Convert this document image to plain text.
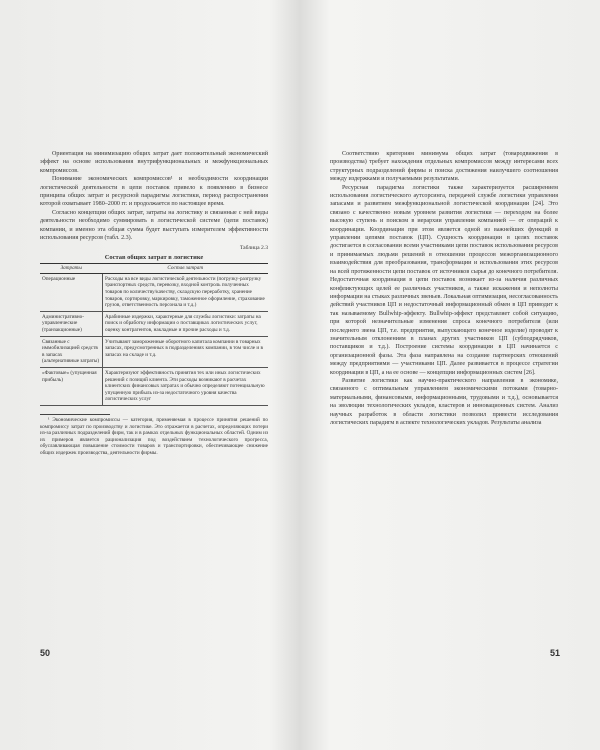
Ориентация на минимизацию общих затрат дает положительный экономический эффект на основе использования внутрифункциональных и межфункциональных компромиссов.

Понимание экономических компромиссов¹ и необходимости координации логистической деятельности в цепи поставок привело к появлению в бизнесе принципа общих затрат и ресурсной парадигмы логистики, период распространения которой охватывает 1980–2000 гг. и продолжается по настоящее время.

Согласно концепции общих затрат, затраты на логистику и связанные с ней виды деятельности необходимо суммировать в логистической системе (цепи поставок) компании, и именно эта общая сумма будет выступать измерителем эффективности использования ресурсов (табл. 2.3).

Таблица 2.3
Состав общих затрат в логистике
Затраты	Состав затрат
Операционные	Расходы на все виды логистической деятельности (погрузку-разгрузку транспортных средств, перевозку, входной контроль полученных товаров по количеству/качеству, складскую переработку, хранение товаров, сортировку, маркировку, таможенное оформление, страхование грузов, ответственность персонала и т.д.)
Административно-управленческие (транзакционные)	Арабинные издержки, характерные для службы логистики: затраты на поиск и обработку информации о поставщиках логистических услуг, оценку контрагентов, накладные и прочие расходы и т.д.
Связанные с иммобилизацией средств в запасах (альтернативные затраты)	Учитывают замороженные оборотного капитала компании в товарных запасах, предусмотренных в подразделениях компании, в том числе и в запасах на складе и т.д.
«Фактовые» (упущенная прибыль)	Характеризуют эффективность принятия тех или иных логистических решений с позиций клиента. Эти расходы возникают в расчетах клиентских финансовых затратах и обычно определяют потенциальную упущенную прибыль из-за недостаточного уровня качества логистических услуг

¹ Экономические компромиссы — категория, применяемая в процессе принятия решений по компромиссу затрат по производству и логистике. Это отражается в расчетах, определяющих потери из-за различных подразделений фирм, так и в рамках отдельных функциональных областей. Одним из их примеров является рационализация под воздействием технологического прогресса, обуславливающая повышение стоимости товаров и транспортировки, обеспечивающее снижение общих издержек производства, деятельности фирмы.

50

Соответствию критериям минимума общих затрат (товародвижения в производства) требует нахождения отдельных компромиссов между интересами всех структурных подразделений фирмы и поиска достижения наилучшего соотношения между издержками и получаемыми результатами.

Ресурсная парадигма логистики также характеризуется расширением использования логистического аутсорсинга, передачей службе логистики управления запасами и развитием межфункциональной логистической координации [24]. Это связано с качественно новым уровнем развития логистики — переходом на более высокую ступень и поиском в иерархии управления компанией — от операций к координации. Координация при этом является одной из важнейших функций в управлении цепями поставок (ЦП). Сущность координации в целях поставок достигается в согласовании всеми участниками цепи поставок использования ресурсов и принимаемых людьми решений в отношении процессов межорганизационного взаимодействия для преобразования, трансформации и использования этих ресурсов на всей протяженности цепи поставок от источников сырья до конечного потребителя. Недостаточная координация в цепи поставок возникает из-за наличия различных конфликтующих целей ее различных участников, а также искажения и неполноты информации на стыках различных звеньев. Локальная оптимизация, несогласованность действий участников ЦП и недостаточный информационный обмен в ЦП приводит к так называемому Bullwhip-эффекту. Bullwhip-эффект представляет собой ситуацию, при которой незначительные изменения спроса конечного потребителя (или последнего звена ЦП, т.е. предприятия, выпускающего конечное изделие) проводят к значительным отклонениям в планах других участников ЦП (субподрядчиков, поставщиков и т.д.). Построение системы координации в ЦП начинается с организационной фазы. Эта фаза направлена на создание партнерских отношений между предприятиями — участниками ЦП. Далее развивается в процессе стратегии координации в ЦП, а на ее основе — концепции информационных систем [26].

Развитие логистики как научно-практического направления в экономике, связанного с оптимальным управлением экономическими потоками (товарно-материальными, финансовыми, информационными, трудовыми и т.д.), основывается на эволюции технологических укладов, кластеров и инновационных систем. Анализ научных разработок в области логистики позволил привести исследования логистических парадигм в аспекте технологических укладов. Результаты анализа

51
